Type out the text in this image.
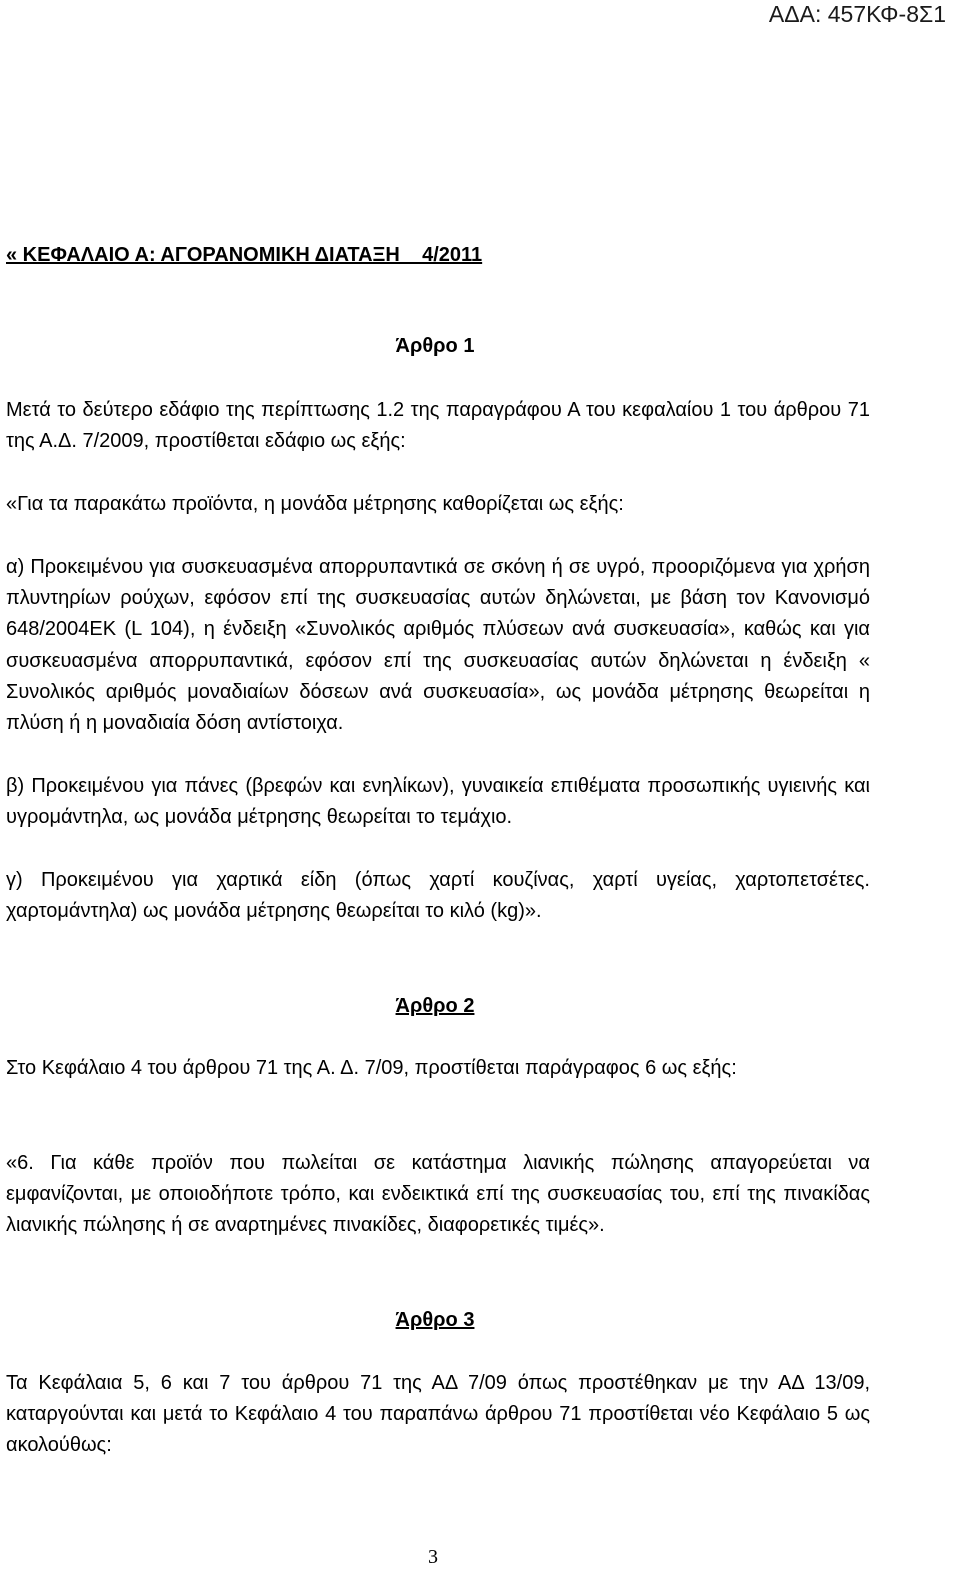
ΑΔΑ: 457ΚΦ-8Σ1
« ΚΕΦΑΛΑΙΟ Α: ΑΓΟΡΑΝΟΜΙΚΗ ΔΙΑΤΑΞΗ    4/2011
Άρθρο 1
Μετά το δεύτερο εδάφιο της περίπτωσης 1.2 της παραγράφου Α του κεφαλαίου 1 του άρθρου 71 της Α.Δ. 7/2009, προστίθεται εδάφιο ως εξής:
«Για τα παρακάτω προϊόντα, η μονάδα μέτρησης καθορίζεται ως εξής:
α) Προκειμένου για συσκευασμένα απορρυπαντικά σε σκόνη ή σε υγρό, προοριζόμενα για χρήση πλυντηρίων ρούχων, εφόσον επί της συσκευασίας αυτών δηλώνεται, με βάση τον Κανονισμό 648/2004ΕΚ (L 104), η ένδειξη «Συνολικός αριθμός πλύσεων ανά συσκευασία», καθώς και για συσκευασμένα απορρυπαντικά, εφόσον επί της συσκευασίας αυτών δηλώνεται η ένδειξη « Συνολικός αριθμός μοναδιαίων δόσεων ανά συσκευασία», ως μονάδα μέτρησης θεωρείται η πλύση ή η μοναδιαία δόση αντίστοιχα.
β) Προκειμένου για πάνες (βρεφών και ενηλίκων), γυναικεία επιθέματα προσωπικής υγιεινής και υγρομάντηλα, ως μονάδα μέτρησης θεωρείται το τεμάχιο.
γ) Προκειμένου για χαρτικά είδη (όπως χαρτί κουζίνας, χαρτί υγείας, χαρτοπετσέτες. χαρτομάντηλα) ως μονάδα μέτρησης θεωρείται το κιλό (kg)».
Άρθρο 2
Στο Κεφάλαιο 4 του άρθρου 71 της Α. Δ. 7/09, προστίθεται παράγραφος 6 ως εξής:
«6. Για κάθε προϊόν που πωλείται σε κατάστημα λιανικής πώλησης απαγορεύεται να εμφανίζονται, με οποιοδήποτε τρόπο, και ενδεικτικά επί της συσκευασίας του, επί της πινακίδας λιανικής πώλησης ή σε αναρτημένες πινακίδες, διαφορετικές τιμές».
Άρθρο 3
Τα Κεφάλαια 5, 6 και 7 του άρθρου 71 της ΑΔ 7/09 όπως προστέθηκαν με την ΑΔ 13/09, καταργούνται και μετά το Κεφάλαιο 4 του παραπάνω άρθρου 71 προστίθεται νέο Κεφάλαιο 5 ως ακολούθως:
3
